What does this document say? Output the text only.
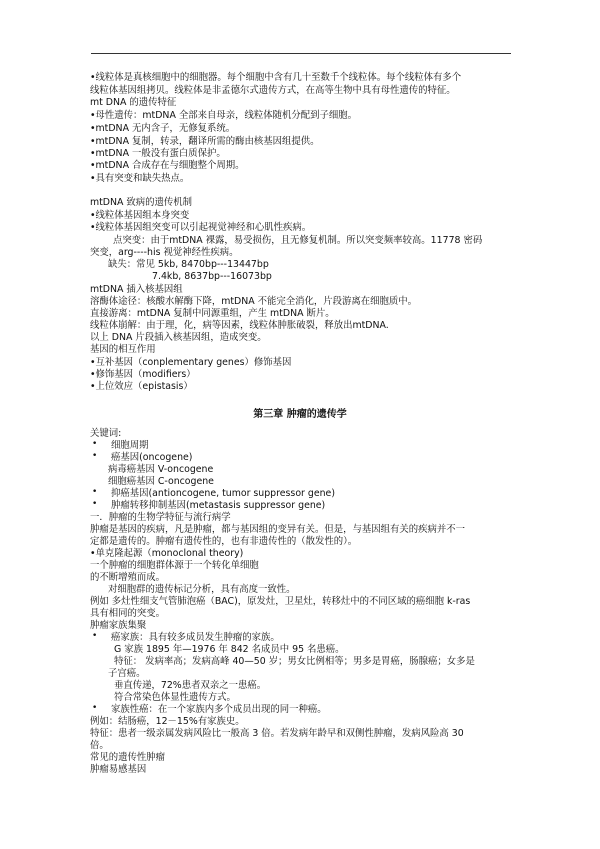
•线粒体是真核细胞中的细胞器。每个细胞中含有几十至数千个线粒体。每个线粒体有多个
线粒体基因组拷贝。线粒体是非孟德尔式遗传方式，在高等生物中具有母性遗传的特征。
mt DNA 的遗传特征
•母性遗传：mtDNA 全部来自母亲，线粒体随机分配到子细胞。
•mtDNA 无内含子，无修复系统。
•mtDNA 复制，转录，翻译所需的酶由核基因组提供。
•mtDNA 一般没有蛋白质保护。
•mtDNA 合成存在与细胞整个周期。
•具有突变和缺失热点。
mtDNA 致病的遗传机制
•线粒体基因组本身突变
•线粒体基因组突变可以引起视觉神经和心肌性疾病。
点突变：由于mtDNA 裸露，易受损伤，且无修复机制。所以突变频率较高。11778 密码
突变，arg----his 视觉神经性疾病。
缺失：常见 5kb, 8470bp---13447bp
7.4kb, 8637bp---16073bp
mtDNA 插入核基因组
溶酶体途径：核酸水解酶下降，mtDNA 不能完全消化，片段游离在细胞质中。
直接游离：mtDNA 复制中同源重组，产生 mtDNA 断片。
线粒体崩解：由于理，化，病等因素，线粒体肿胀破裂，释放出mtDNA.
以上 DNA 片段插入核基因组，造成突变。
基因的相互作用
•互补基因（conplementary genes）修饰基因
•修饰基因（modifiers）
•上位效应（epistasis）
第三章 肿瘤的遗传学
关键词:
• 细胞周期
• 癌基因(oncogene)
病毒癌基因 V-oncogene
细胞癌基因 C-oncogene
• 抑癌基因(antioncogene, tumor suppressor gene)
• 肿瘤转移抑制基因(metastasis suppressor gene)
一．肿瘤的生物学特征与流行病学
肿瘤是基因的疾病，凡是肿瘤，都与基因组的变异有关。但是，与基因组有关的疾病并不一
定都是遗传的。肿瘤有遗传性的，也有非遗传性的（散发性的）。
•单克隆起源（monoclonal theory)
一个肿瘤的细胞群体源于一个转化单细胞
的不断增殖而成。
对细胞群的遗传标记分析，具有高度一致性。
例如 多灶性细支气管肺泡癌（BAC)，原发灶，卫星灶，转移灶中的不同区域的癌细胞 k-ras
具有相同的突变。
肿瘤家族集聚
• 癌家族：具有较多成员发生肿瘤的家族。
G 家族 1895 年—1976 年 842 名成员中 95 名患癌。
特征： 发病率高；发病高峰 40—50 岁；男女比例相等；男多是胃癌，肠腺癌；女多是
子宫癌。
垂直传递，72%患者双亲之一患癌。
符合常染色体显性遗传方式。
• 家族性癌：在一个家族内多个成员出现的同一种癌。
例如：结肠癌，12－15%有家族史。
特征：患者一级亲属发病风险比一般高 3 倍。若发病年龄早和双侧性肿瘤，发病风险高 30
倍。
常见的遗传性肿瘤
肿瘤易感基因
